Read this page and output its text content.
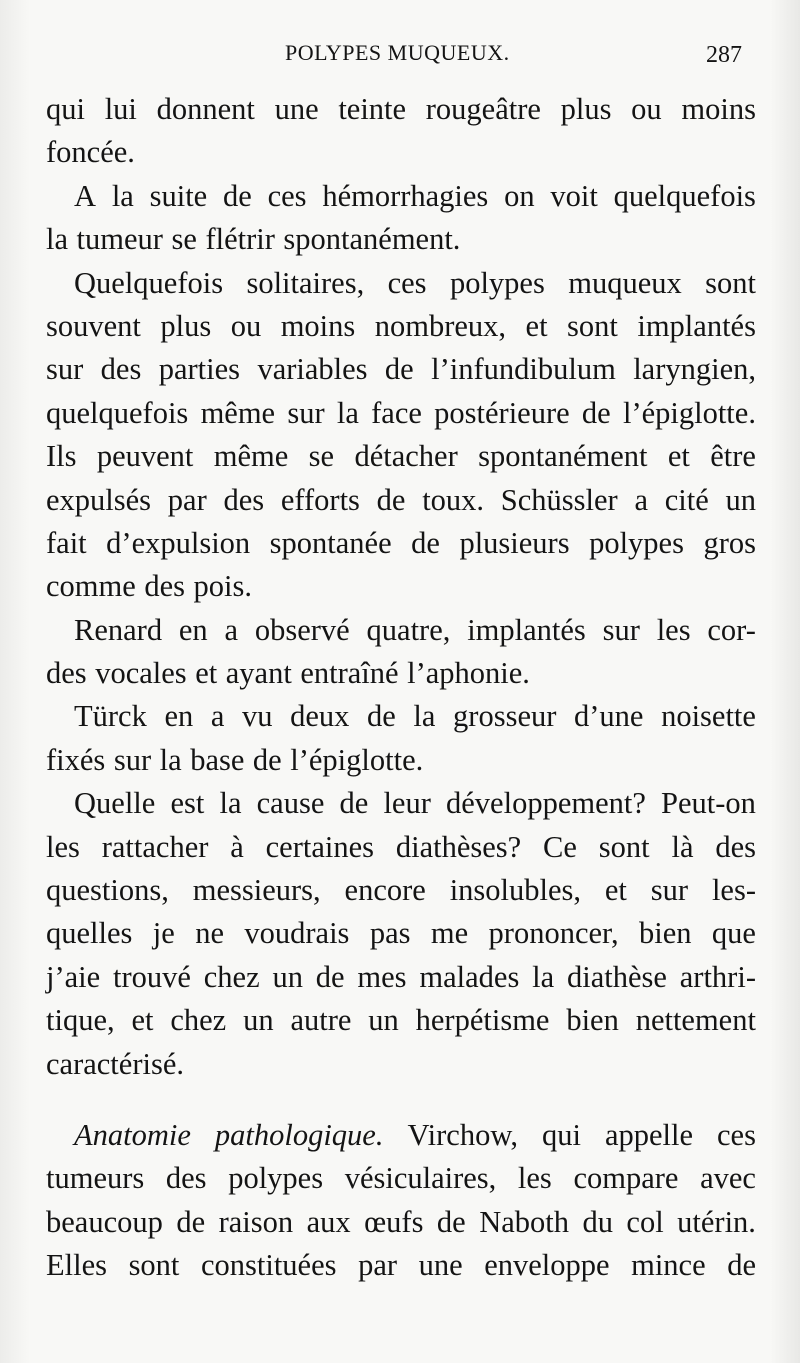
POLYPES MUQUEUX.	287
qui lui donnent une teinte rougeâtre plus ou moins
foncée.
A la suite de ces hémorrhagies on voit quelquefois
la tumeur se flétrir spontanément.
Quelquefois solitaires, ces polypes muqueux sont
souvent plus ou moins nombreux, et sont implantés
sur des parties variables de l’infundibulum laryngien,
quelquefois même sur la face postérieure de l’épiglotte.
Ils peuvent même se détacher spontanément et être
expulsés par des efforts de toux. Schüssler a cité un
fait d’expulsion spontanée de plusieurs polypes gros
comme des pois.
Renard en a observé quatre, implantés sur les cor-
des vocales et ayant entraîné l’aphonie.
Türck en a vu deux de la grosseur d’une noisette
fixés sur la base de l’épiglotte.
Quelle est la cause de leur développement? Peut-on
les rattacher à certaines diathèses? Ce sont là des
questions, messieurs, encore insolubles, et sur les-
quelles je ne voudrais pas me prononcer, bien que
j’aie trouvé chez un de mes malades la diathèse arthri-
tique, et chez un autre un herpétisme bien nettement
caractérisé.
Anatomie pathologique. Virchow, qui appelle ces
tumeurs des polypes vésiculaires, les compare avec
beaucoup de raison aux œufs de Naboth du col utérin.
Elles sont constituées par une enveloppe mince de
